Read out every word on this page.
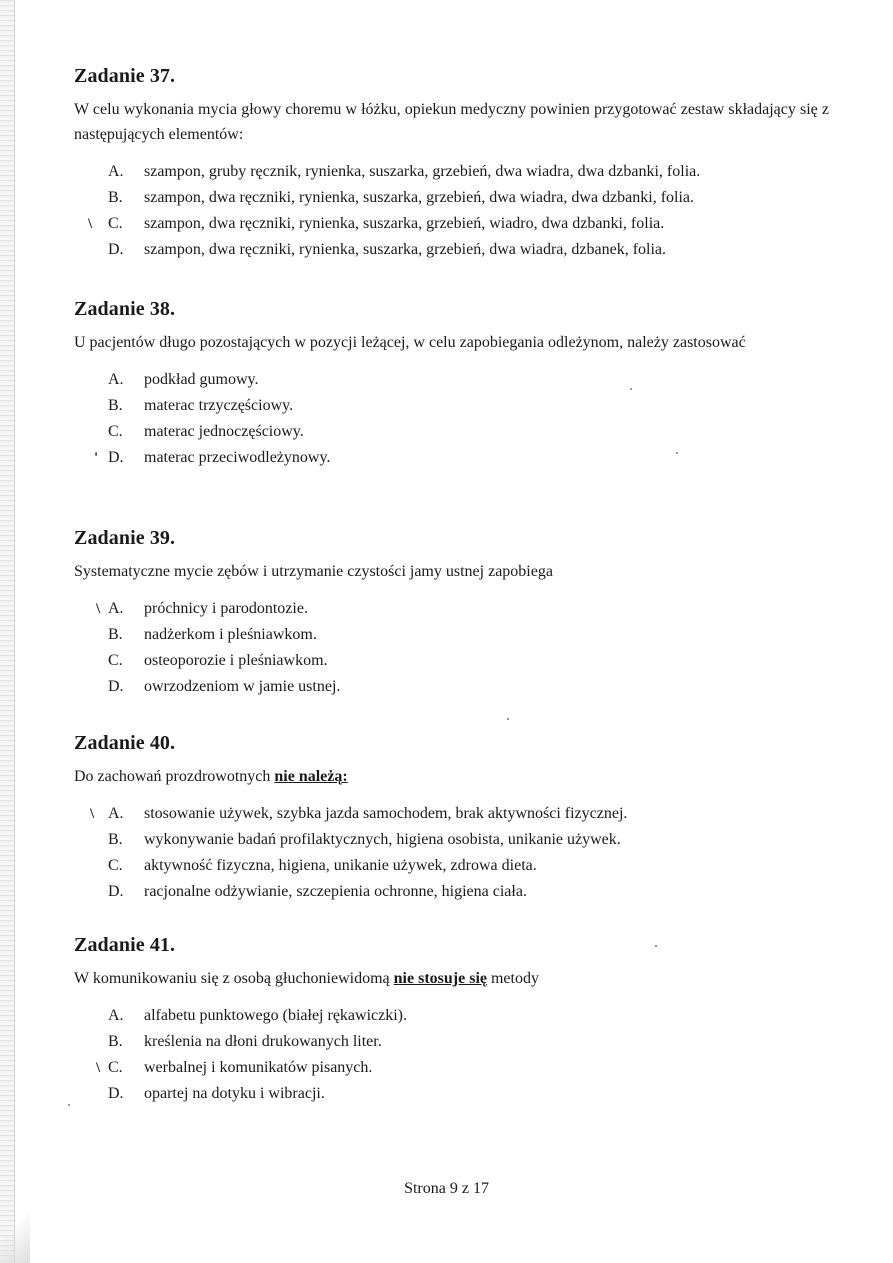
Zadanie 37.

W celu wykonania mycia głowy choremu w łóżku, opiekun medyczny powinien przygotować zestaw składający się z następujących elementów:

A. szampon, gruby ręcznik, rynienka, suszarka, grzebień, dwa wiadra, dwa dzbanki, folia.
B.	szampon, dwa ręczniki, rynienka, suszarka, grzebień, dwa wiadra, dwa dzbanki, folia.
\ C.	szampon, dwa ręczniki, rynienka, suszarka, grzebień, wiadro, dwa dzbanki, folia.
D. szampon, dwa ręczniki, rynienka, suszarka, grzebień, dwa wiadra, dzbanek, folia.
Zadanie 38.

U pacjentów długo pozostających w pozycji leżącej, w celu zapobiegania odleżynom, należy zastosować

A. podkład gumowy.
B.	materac trzyczęściowy.
C.	materac jednoczęściowy.
' D. materac przeciwodleżynowy.
Zadanie 39.

Systematyczne mycie zębów i utrzymanie czystości jamy ustnej zapobiega

\ A. próchnicy i parodontozie.
B.	nadżerkom i pleśniawkom.
C.	osteoporozie i pleśniawkom.
D. owrzodzeniom w jamie ustnej.
Zadanie 40.

Do zachowań prozdrowotnych nie należą:

\ A. stosowanie używek, szybka jazda samochodem, brak aktywności fizycznej.
B.	wykonywanie badań profilaktycznych, higiena osobista, unikanie używek.
C.	aktywność fizyczna, higiena, unikanie używek, zdrowa dieta.
D. racjonalne odżywianie, szczepienia ochronne, higiena ciała.
Zadanie 41.

W komunikowaniu się z osobą głuchoniewidomą nie stosuje się metody

A. alfabetu punktowego (białej rękawiczki).
B.	kreślenia na dłoni drukowanych liter.
\ C.	werbalnej i komunikatów pisanych.
D. opartej na dotyku i wibracji.
Strona 9 z 17
